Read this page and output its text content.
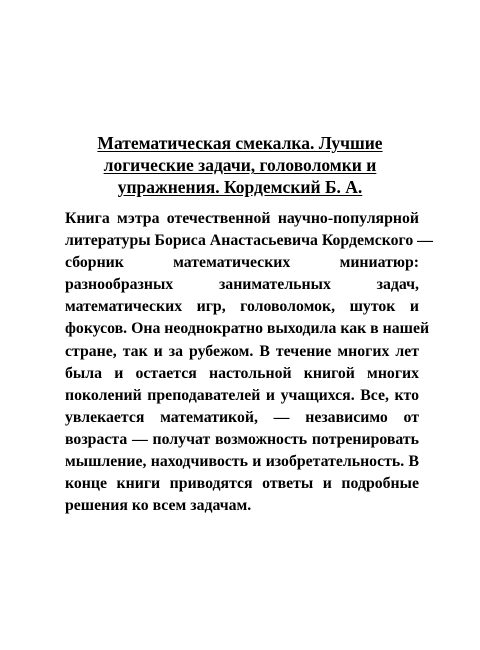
Математическая смекалка. Лучшие
логические задачи, головоломки и
упражнения. Кордемский Б. А.

Книга мэтра отечественной научно-популярной
литературы Бориса Анастасьевича Кордемского —
сборник математических миниатюр:
разнообразных занимательных задач,
математических игр, головоломок, шуток и
фокусов. Она неоднократно выходила как в нашей
стране, так и за рубежом. В течение многих лет
была и остается настольной книгой многих
поколений преподавателей и учащихся. Все, кто
увлекается математикой, — независимо от
возраста — получат возможность потренировать
мышление, находчивость и изобретательность. В
конце книги приводятся ответы и подробные
решения ко всем задачам.
